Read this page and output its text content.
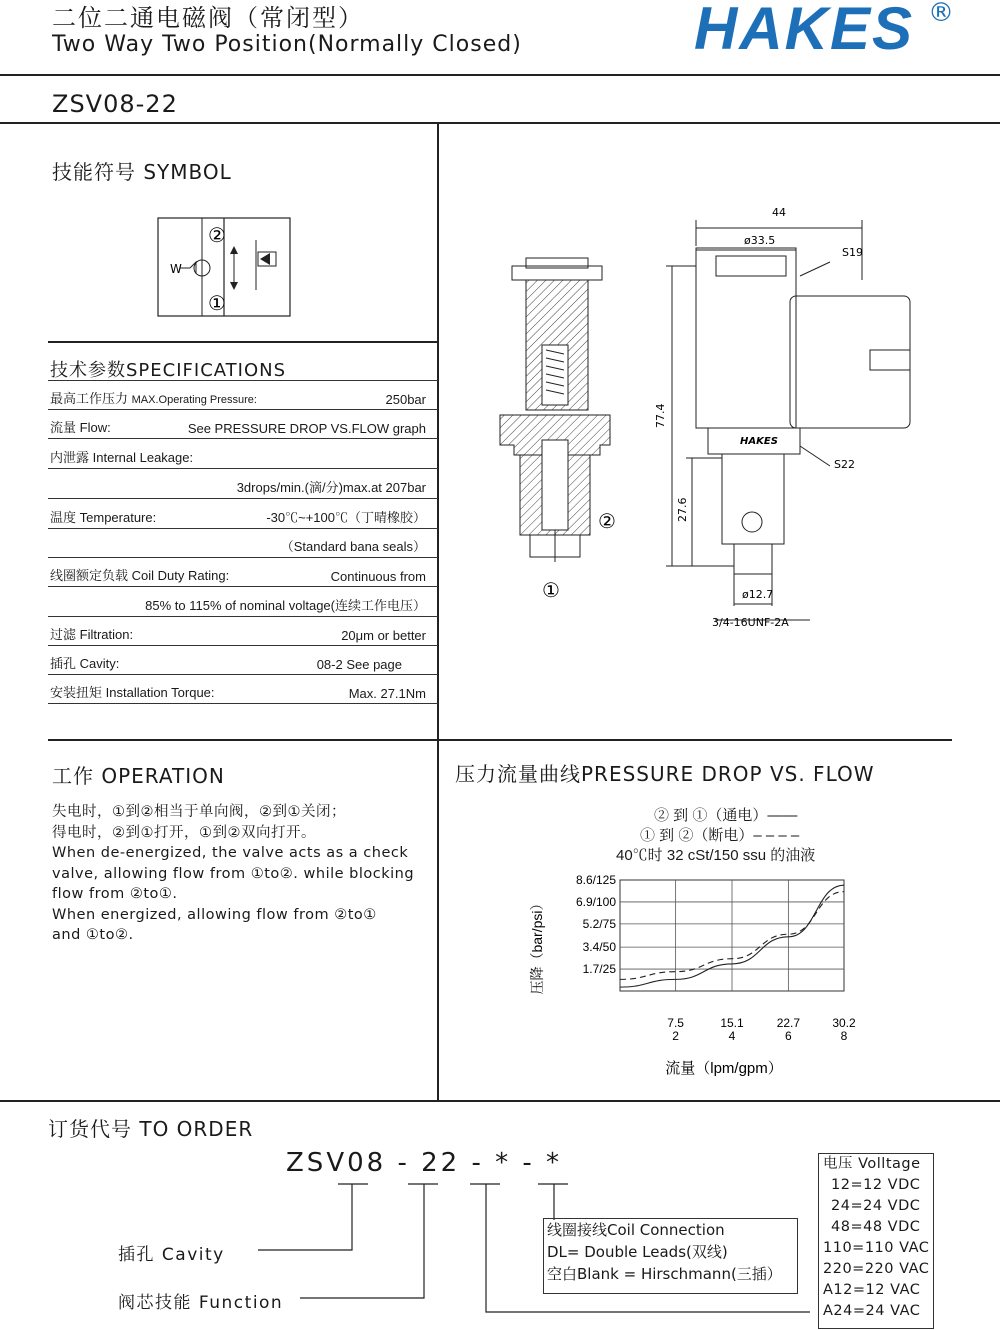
二位二通电磁阀（常闭型）
Two Way Two Position(Normally Closed)	HAKES ®
ZSV08-22
技能符号 SYMBOL
W
②
①
技术参数SPECIFICATIONS
最高工作压力 MAX.Operating Pressure:	250bar
流量 Flow:	See PRESSURE DROP VS.FLOW graph
内泄露 Internal Leakage:
3drops/min.(滴/分)max.at 207bar
温度 Temperature:	-30℃~+100℃（丁晴橡胶）
（Standard bana seals）
线圈额定负载 Coil Duty Rating:	Continuous from
85% to 115% of nominal voltage(连续工作电压）
过滤 Filtration:	20μm or better
插孔 Cavity:	08-2 See page
安装扭矩 Installation Torque:	Max. 27.1Nm
②
①
44
ø33.5
S19
S22
77.4
27.6
ø12.7
3/4-16UNF-2A
HAKES
工作 OPERATION
失电时，①到②相当于单向阀，②到①关闭；
得电时，②到①打开，①到②双向打开。
When de-energized, the valve acts as a check
valve, allowing flow from ①to②. while blocking
flow from ②to①.
When energized, allowing flow from ②to①
and ①to②.
压力流量曲线PRESSURE DROP VS. FLOW
② 到 ①（通电）——
① 到 ②（断电）– – – –
40℃时 32 cSt/150 ssu 的油液
7.5
2
15.1
4
22.7
6
30.2
8
1.7/25
3.4/50
5.2/75
6.9/100
8.6/125
压降（bar/psi）
流量（lpm/gpm）
订货代号 TO ORDER
ZSV08 - 22 - * - *
插孔 Cavity
阀芯技能 Function
线圈接线Coil Connection
DL= Double Leads(双线)
空白Blank = Hirschmann(三插）
电压 Volltage
12=12 VDC
24=24 VDC
48=48 VDC
110=110 VAC
220=220 VAC
A12=12 VAC
A24=24 VAC
